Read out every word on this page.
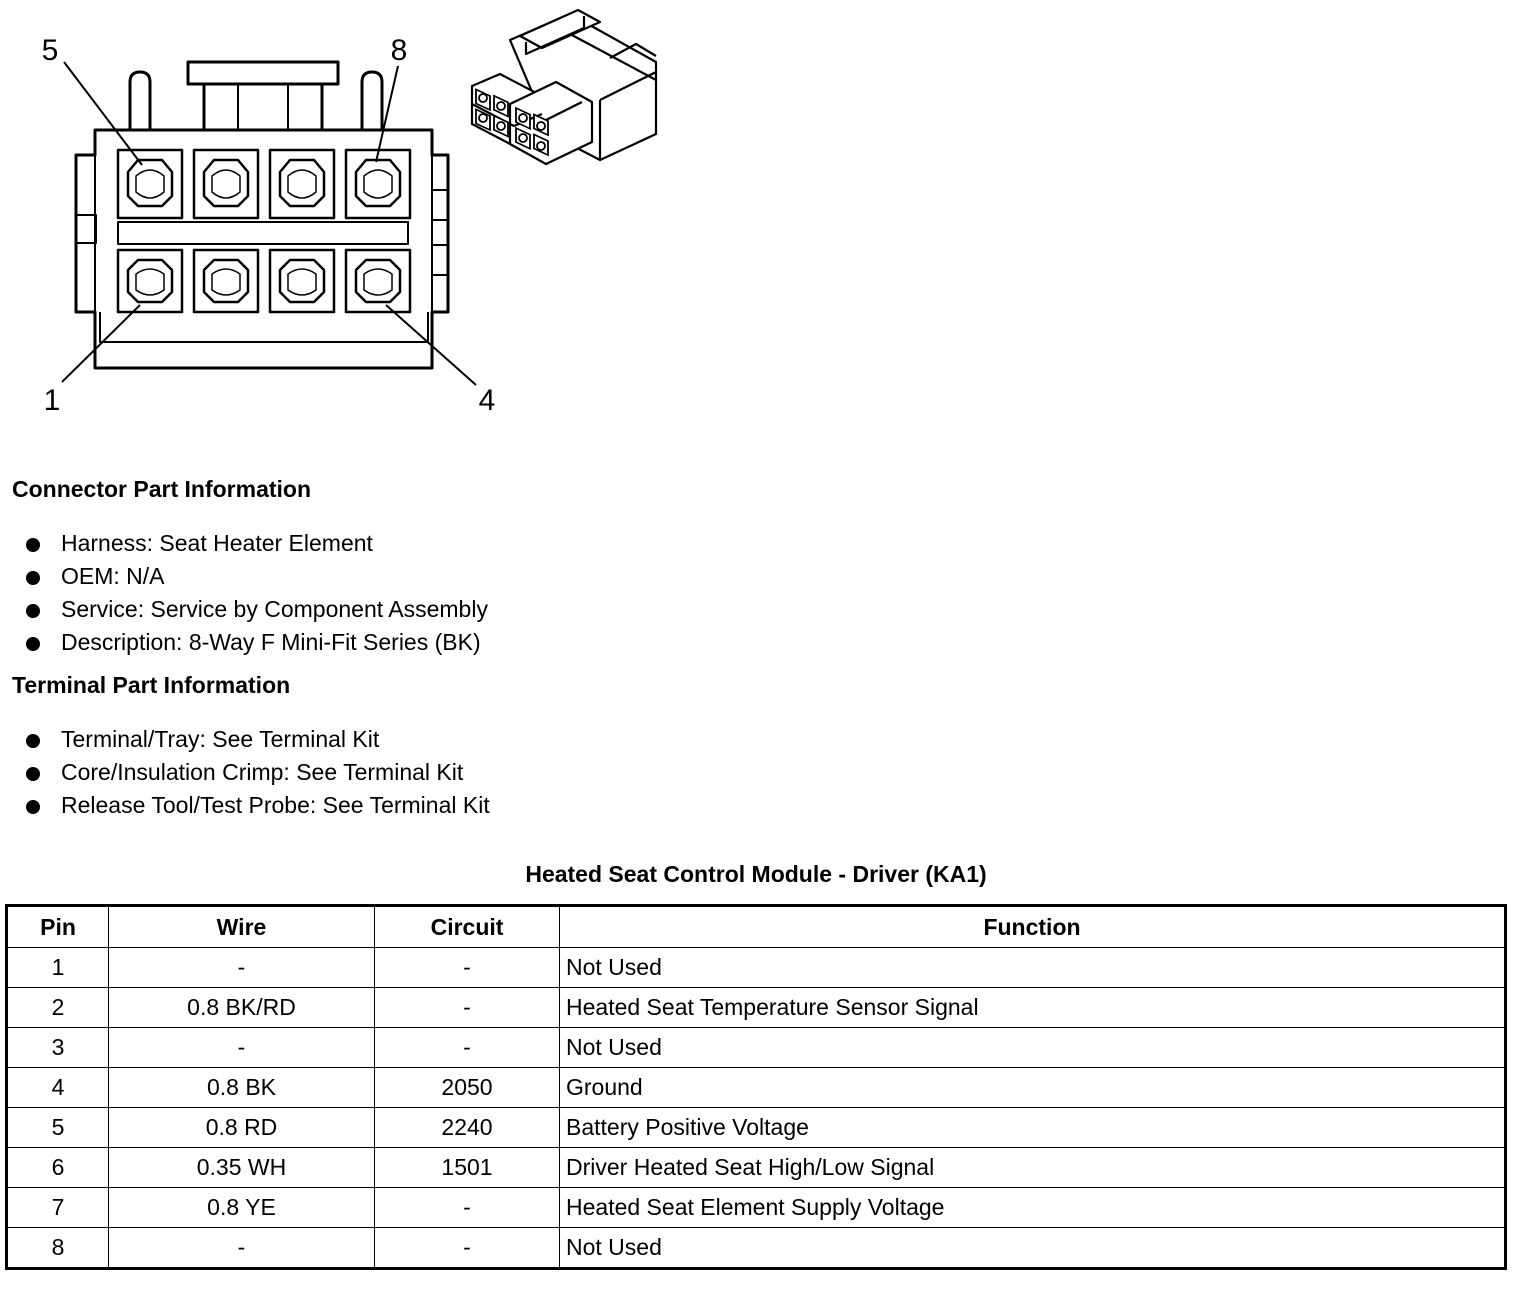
5	8
1	4
Connector Part Information
Harness: Seat Heater Element
OEM: N/A
Service: Service by Component Assembly
Description: 8-Way F Mini-Fit Series (BK)
Terminal Part Information
Terminal/Tray: See Terminal Kit
Core/Insulation Crimp: See Terminal Kit
Release Tool/Test Probe: See Terminal Kit
Heated Seat Control Module - Driver (KA1)
Pin	Wire	Circuit	Function
1	-	-	Not Used
2	0.8 BK/RD	-	Heated Seat Temperature Sensor Signal
3	-	-	Not Used
4	0.8 BK	2050	Ground
5	0.8 RD	2240	Battery Positive Voltage
6	0.35 WH	1501	Driver Heated Seat High/Low Signal
7	0.8 YE	-	Heated Seat Element Supply Voltage
8	-	-	Not Used
